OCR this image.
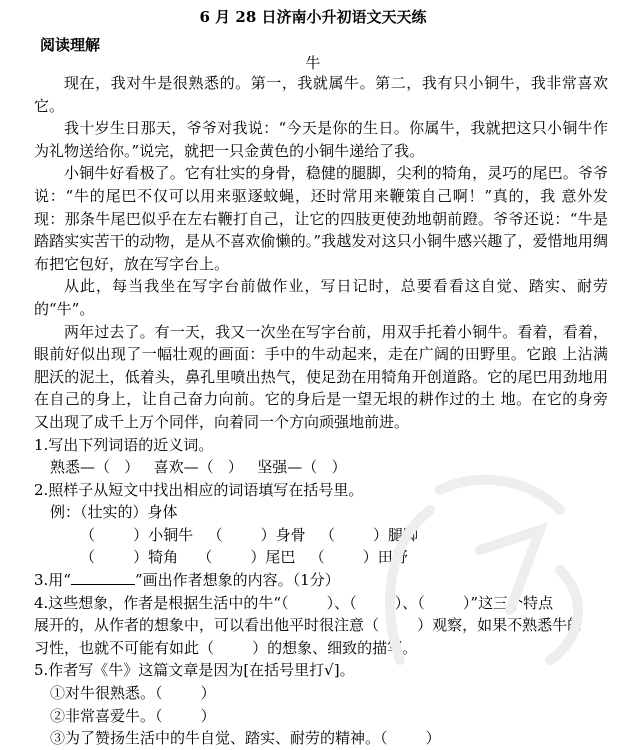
6 月 28 日济南小升初语文天天练
阅读理解
牛

现在，我对牛是很熟悉的。第一，我就属牛。第二，我有只小铜牛，我非常喜欢它。

我十岁生日那天，爷爷对我说：“今天是你的生日。你属牛，我就把这只小铜牛作为礼物送给你。”说完，就把一只金黄色的小铜牛递给了我。

小铜牛好看极了。它有壮实的身骨，稳健的腿脚，尖利的犄角，灵巧的尾巴。爷爷说：“牛的尾巴不仅可以用来驱逐蚊蝇，还时常用来鞭策自己啊！”真的，我 意外发现：那条牛尾巴似乎在左右鞭打自己，让它的四肢更使劲地朝前蹬。爷爷还说：“牛是踏踏实实苦干的动物，是从不喜欢偷懒的。”我越发对这只小铜牛感兴趣了，爱惜地用绸布把它包好，放在写字台上。

从此，每当我坐在写字台前做作业，写日记时，总要看看这自觉、踏实、耐劳的“牛”。

两年过去了。有一天，我又一次坐在写字台前，用双手托着小铜牛。看着，看着，眼前好似出现了一幅壮观的画面：手中的牛动起来，走在广阔的田野里。它踉 上沾满肥沃的泥土，低着头，鼻孔里喷出热气，使足劲在用犄角开创道路。它的尾巴用劲地用在自己的身上，让自己奋力向前。它的身后是一望无垠的耕作过的土 地。在它的身旁又出现了成千上万个同伴，向着同一个方向顽强地前进。

1.写出下列词语的近义词。

熟悉—（   ）   喜欢—（   ）   坚强—（   ）

2.照样子从短文中找出相应的词语填写在括号里。

例：（壮实的）身体

（        ）小铜牛   （        ）身骨   （        ）腿脚

（        ）犄角    （        ）尾巴   （        ）田野

3.用“	”画出作者想象的内容。（1分）

4.这些想象，作者是根据生活中的牛“（        ）、（        ）、（        ）”这三个特点

展开的，从作者的想象中，可以看出他平时很注意（        ）观察，如果不熟悉牛的

习性，也就不可能有如此（        ）的想象、细致的描写。

5.作者写《牛》这篇文章是因为[在括号里打√]。

①对牛很熟悉。（        ）

②非常喜爱牛。（        ）

③为了赞扬生活中的牛自觉、踏实、耐劳的精神。（        ）
